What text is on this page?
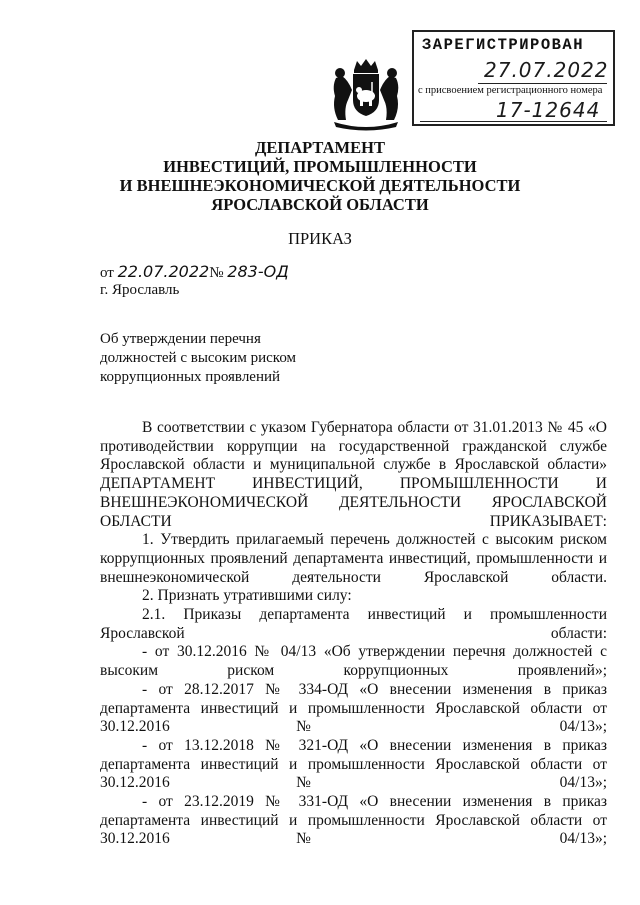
ЗАРЕГИСТРИРОВАН
27.07.2022
с присвоением регистрационного номера
17-12644
ДЕПАРТАМЕНТ
ИНВЕСТИЦИЙ, ПРОМЫШЛЕННОСТИ
И ВНЕШНЕЭКОНОМИЧЕСКОЙ ДЕЯТЕЛЬНОСТИ
ЯРОСЛАВСКОЙ ОБЛАСТИ
ПРИКАЗ
от 22.07.2022№ 283-ОД
г. Ярославль
Об утверждении перечня
должностей с высоким риском
коррупционных проявлений

В соответствии с указом Губернатора области от 31.01.2013 № 45 «О противодействии коррупции на государственной гражданской службе Ярославской области и муниципальной службе в Ярославской области» ДЕПАРТАМЕНТ ИНВЕСТИЦИЙ, ПРОМЫШЛЕННОСТИ И ВНЕШНЕЭКОНОМИЧЕСКОЙ ДЕЯТЕЛЬНОСТИ ЯРОСЛАВСКОЙ ОБЛАСТИ ПРИКАЗЫВАЕТ:

1. Утвердить прилагаемый перечень должностей с высоким риском коррупционных проявлений департамента инвестиций, промышленности и внешнеэкономической деятельности Ярославской области.

2. Признать утратившими силу:

2.1. Приказы департамента инвестиций и промышленности Ярославской области:

- от 30.12.2016 № 04/13 «Об утверждении перечня должностей с высоким риском коррупционных проявлений»;

- от 28.12.2017 № 334-ОД «О внесении изменения в приказ департамента инвестиций и промышленности Ярославской области от 30.12.2016 № 04/13»;

- от 13.12.2018 № 321-ОД «О внесении изменения в приказ департамента инвестиций и промышленности Ярославской области от 30.12.2016 № 04/13»;

- от 23.12.2019 № 331-ОД «О внесении изменения в приказ департамента инвестиций и промышленности Ярославской области от 30.12.2016 № 04/13»;
